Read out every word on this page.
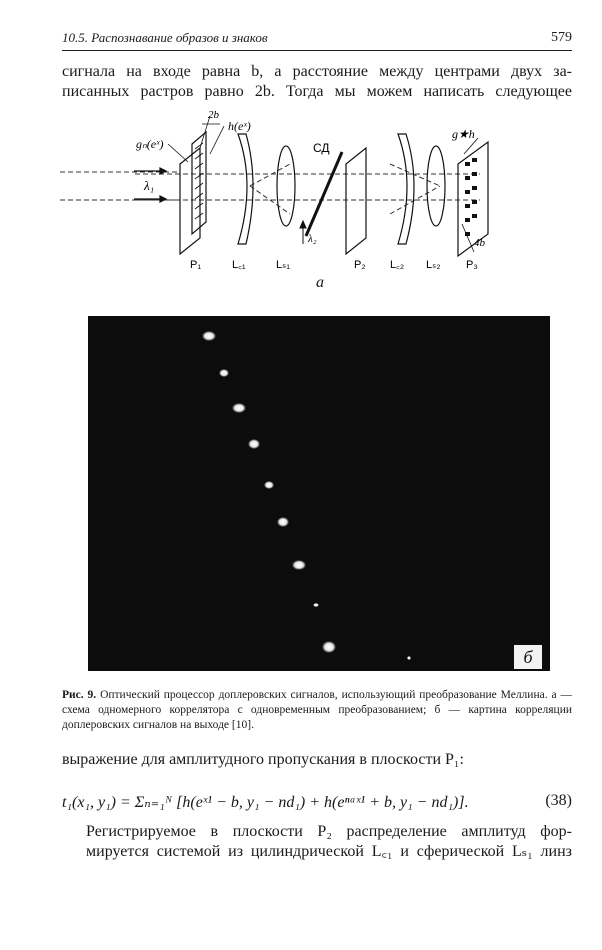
10.5. Распознавание образов и знаков	579
сигнала на входе равна b, а расстояние между центрами двух за-
писанных растров равно 2b. Тогда мы можем написать следующее
2b
h(eˣ)
gₙ(eˣ)	СД
g★h
λ₁
λ₂	4b
P₁	L꜀₁	Lₛ₁	P₂ L꜀₂ Lₛ₂ P₃
a
б
Рис. 9. Оптический процессор доплеровских сигналов, использующий преобразование Меллина. а — схема одномерного коррелятора с одновременным преобразованием; б — картина корреляции доплеровских сигналов на выходе [10].
выражение для амплитудного пропускания в плоскости P₁:
t₁(x₁, y₁) = Σₙ₌₁ᴺ [h(eˣ¹ − b, y₁ − nd₁) + h(eⁿᵃˣ¹ + b, y₁ − nd₁)].	(38)
Регистрируемое в плоскости P₂ распределение амплитуд фор-
мируется системой из цилиндрической L꜀₁ и сферической Lₛ₁ линз
